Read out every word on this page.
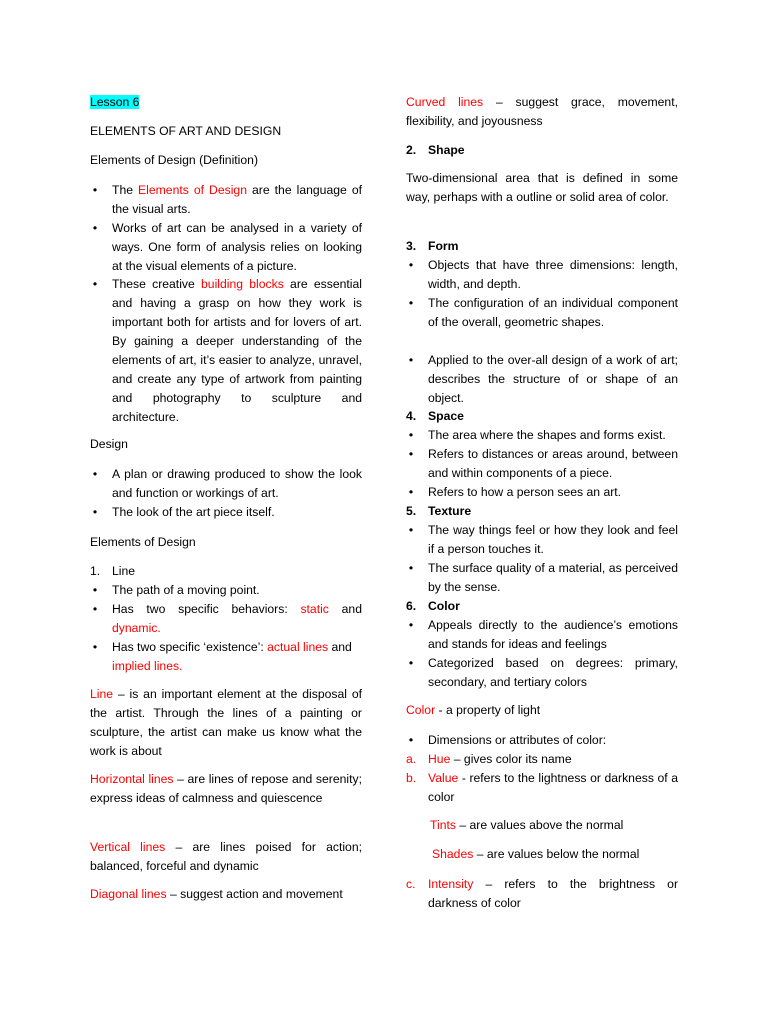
Lesson 6

ELEMENTS OF ART AND DESIGN

Elements of Design (Definition)

• The Elements of Design are the language of the visual arts.

• Works of art can be analysed in a variety of ways. One form of analysis relies on looking at the visual elements of a picture.

• These creative building blocks are essential and having a grasp on how they work is important both for artists and for lovers of art. By gaining a deeper understanding of the elements of art, it’s easier to analyze, unravel, and create any type of artwork from painting and photography to sculpture and architecture.

Design

• A plan or drawing produced to show the look and function or workings of art.

• The look of the art piece itself.

Elements of Design

1. Line

• The path of a moving point.

• Has two specific behaviors: static and dynamic.

• Has two specific ‘existence’: actual lines and implied lines.

Line – is an important element at the disposal of the artist. Through the lines of a painting or sculpture, the artist can make us know what the work is about

Horizontal lines – are lines of repose and serenity; express ideas of calmness and quiescence

Vertical lines – are lines poised for action; balanced, forceful and dynamic

Diagonal lines – suggest action and movement

Curved lines – suggest grace, movement, flexibility, and joyousness

2. Shape

Two-dimensional area that is defined in some way, perhaps with a outline or solid area of color.

3. Form

• Objects that have three dimensions: length, width, and depth.

• The configuration of an individual component of the overall, geometric shapes.

• Applied to the over-all design of a work of art; describes the structure of or shape of an object.

4. Space

• The area where the shapes and forms exist.

• Refers to distances or areas around, between and within components of a piece.

• Refers to how a person sees an art.

5. Texture

• The way things feel or how they look and feel if a person touches it.

• The surface quality of a material, as perceived by the sense.

6. Color

• Appeals directly to the audience’s emotions and stands for ideas and feelings

• Categorized based on degrees: primary, secondary, and tertiary colors

Color - a property of light

• Dimensions or attributes of color:

a. Hue – gives color its name

b. Value - refers to the lightness or darkness of a color

Tints – are values above the normal

Shades – are values below the normal

c. Intensity – refers to the brightness or darkness of color
